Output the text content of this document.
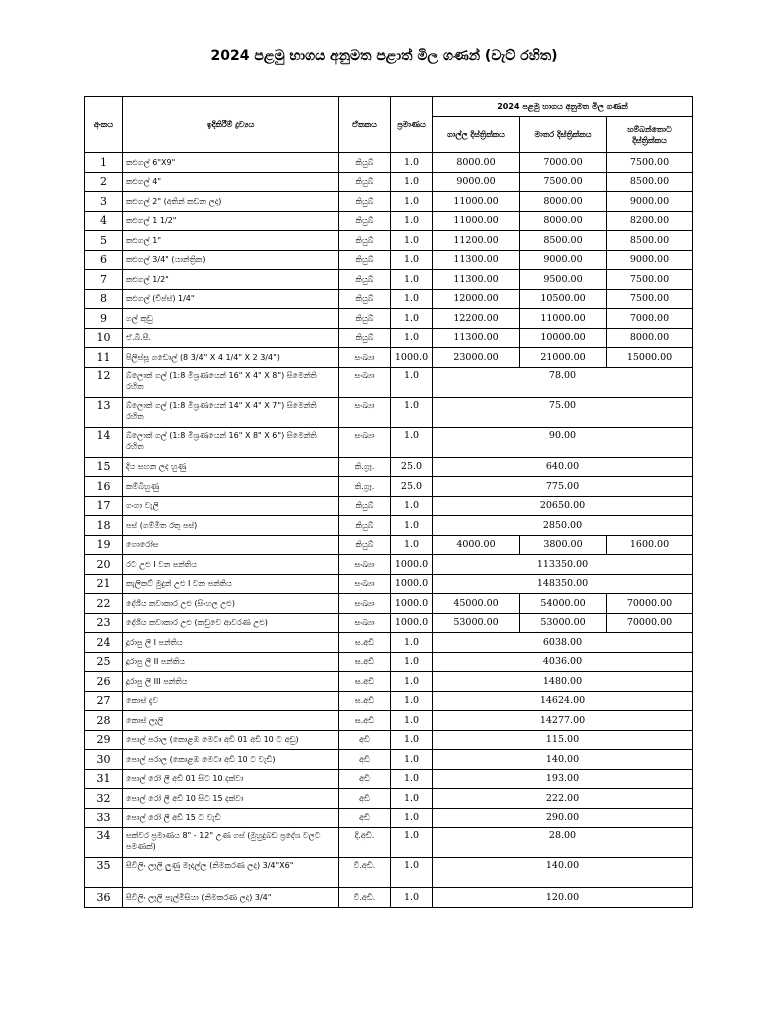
2024 පළමු භාගය අනුමත පළාත් මිල ගණන් (වැට් රහිත)
අංකය	ඉදිකිරීම් ද්‍රව්‍යය	ඒකකය	ප්‍රමාණය	2024 පළමු භාගය අනුමත මිල ගණන්		
				ගාල්ල දිස්ත්‍රික්කය	මාතර දිස්ත්‍රික්කය	හම්බන්තොට දිස්ත්‍රික්කය
1	කළුගල් 6"X9"	කියුබ්	1.0	8000.00	7000.00	7500.00
2	කළුගල් 4"	කියුබ්	1.0	9000.00	7500.00	8500.00
3	කළුගල් 2" (අතින් කඩන ලද)	කියුබ්	1.0	11000.00	8000.00	9000.00
4	කළුගල් 1 1/2"	කියුබ්	1.0	11000.00	8000.00	8200.00
5	කළුගල් 1"	කියුබ්	1.0	11200.00	8500.00	8500.00
6	කළුගල් 3/4" (යාන්ත්‍රික)	කියුබ්	1.0	11300.00	9000.00	9000.00
7	කළුගල් 1/2"	කියුබ්	1.0	11300.00	9500.00	7500.00
8	කළුගල් (චිප්ස්) 1/4"	කියුබ්	1.0	12000.00	10500.00	7500.00
9	ගල් කුඩු	කියුබ්	1.0	12200.00	11000.00	7000.00
10	ඒ.බී.සී.	කියුබ්	1.0	11300.00	10000.00	8000.00
11	පිලිස්සූ ගඩොල් (8 3/4" X 4 1/4" X 2 3/4")	සංඛ්‍යා	1000.0	23000.00	21000.00	15000.00
12	බ්ලොක් ගල් (1:8 මිශ්‍රණයෙන් 16" X 4" X 8") සිමෙන්ති රහිත	සංඛ්‍යා	1.0	78.00		
13	බ්ලොක් ගල් (1:8 මිශ්‍රණයෙන් 14" X 4" X 7") සිමෙන්ති රහිත	සංඛ්‍යා	1.0	75.00		
14	බ්ලොක් ගල් (1:8 මිශ්‍රණයෙන් 16" X 8" X 6") සිමෙන්ති රහිත	සංඛ්‍යා	1.0	90.00		
15	දිය සහන ලද හුණු	කි.ග්‍රෑ.	25.0	640.00		
16	කම්බිහුණු	කි.ග්‍රෑ.	25.0	775.00		
17	ගංගා වැලි	කියුබ්	1.0	20650.00		
18	පස් (ගම්මිත රතු පස්)	කියුබ්	1.0	2850.00		
19	ගොරෝස	කියුබ්	1.0	4000.00	3800.00	1600.00
20	රට උළු I වන පන්තිය	සංඛ්‍යා	1000.0	113350.00		
21	කැලිකට් මුදුන් උළු I වන පන්තිය	සංඛ්‍යා	1000.0	148350.00		
22	දේශීය කවාකාර උළු (සිංහල උළු)	සංඛ්‍යා	1000.0	45000.00	54000.00	70000.00
23	දේශීය කවාකාර උළු (කඩුවෙ ආවරණ උළු)	සංඛ්‍යා	1000.0	53000.00	53000.00	70000.00
24	දූරාපු ලී I පන්තිය	ඝ.අඩි	1.0	6038.00		
25	දූරාපු ලී II පන්තිය	ඝ.අඩි	1.0	4036.00		
26	දූරාපු ලී III පන්තිය	ඝ.අඩි	1.0	1480.00		
27	කොස් දැව	ඝ.අඩි	1.0	14624.00		
28	කොස් ලෑලි	ඝ.අඩි	1.0	14277.00		
29	පොල් පරාල (කොළඹ මෙට්‍රු අඩි 01 අඩි 10 ට අඩු)	අඩි	1.0	115.00		
30	පොල් පරාල (කොළඹ මෙට්‍රු අඩි 10 ට වැඩි)	අඩි	1.0	140.00		
31	පොල් රෝ ලී අඩි 01 සිට 10 දක්වා	අඩි	1.0	193.00		
32	පොල් රෝ ලී අඩි 10 සිට 15 දක්වා	අඩි	1.0	222.00		
33	පොල් රෝ ලී අඩි 15 ට වැඩි	අඩි	1.0	290.00		
34	සක්වර ප්‍රමාණය 8" - 12" උණ ගස් (මුහුදුබඩ ප්‍රදේශ වලට පමණක්)	දි.අඩි.	1.0	28.00		
35	සීවිලිං ලෑලි ලුණු මෑදල්ල (නිමකරණ ලද) 3/4"X6"	වී.අඩි.	1.0	140.00		
36	සීවිලිං ලෑලි පැල්මිසියා (නිමකරණ ලද) 3/4"	වී.අඩි.	1.0	120.00		
